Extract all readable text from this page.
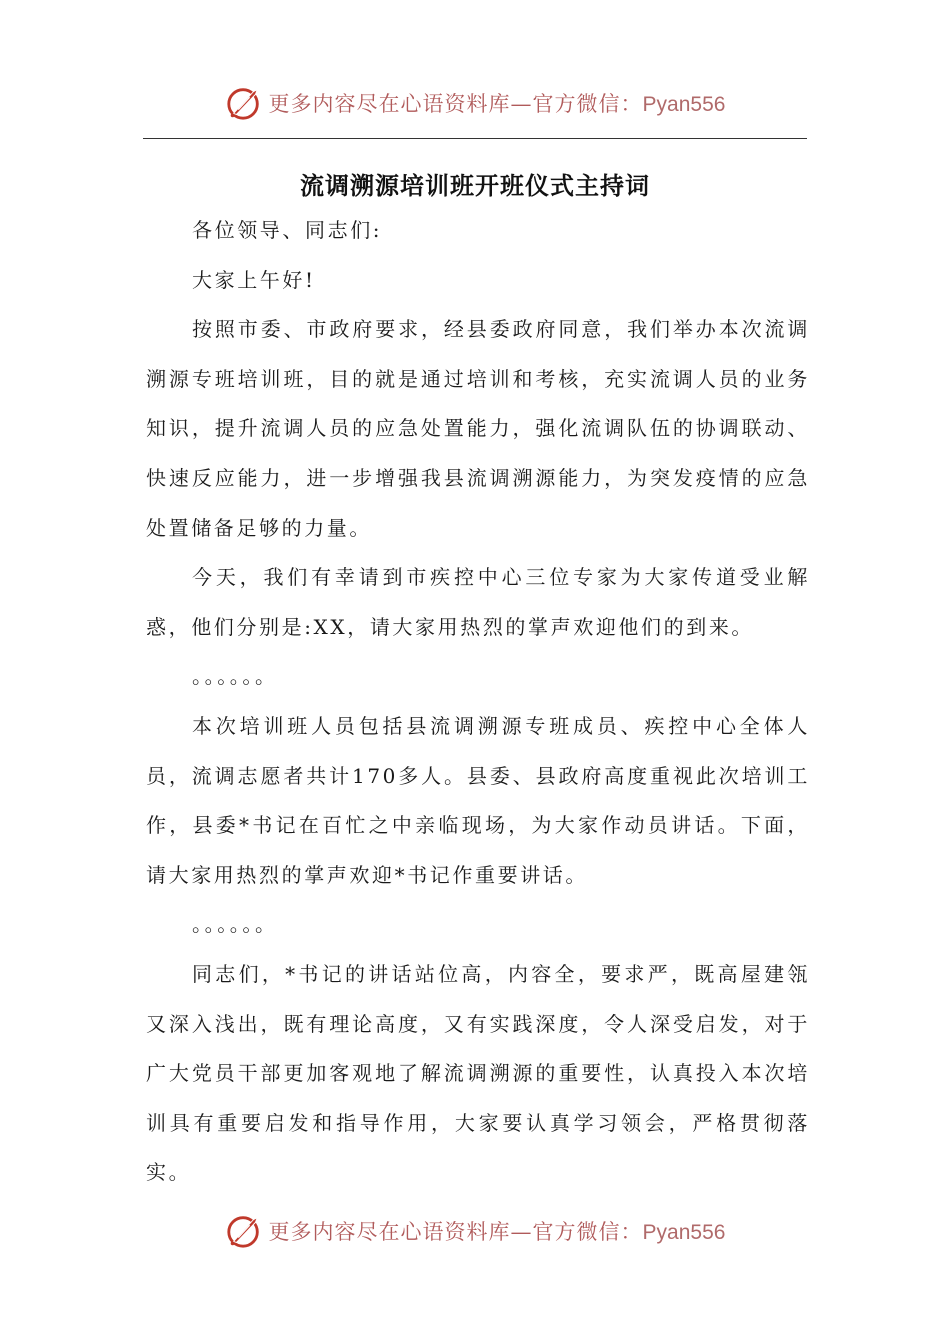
更多内容尽在心语资料库—官方微信：Pyan556
流调溯源培训班开班仪式主持词

各位领导、同志们:

大家上午好!

按照市委、市政府要求，经县委政府同意，我们举办本次流调溯源专班培训班，目的就是通过培训和考核，充实流调人员的业务知识，提升流调人员的应急处置能力，强化流调队伍的协调联动、快速反应能力，进一步增强我县流调溯源能力，为突发疫情的应急处置储备足够的力量。

今天，我们有幸请到市疾控中心三位专家为大家传道受业解惑，他们分别是:XX，请大家用热烈的掌声欢迎他们的到来。

。。。。。。

本次培训班人员包括县流调溯源专班成员、疾控中心全体人员，流调志愿者共计170多人。县委、县政府高度重视此次培训工作，县委*书记在百忙之中亲临现场，为大家作动员讲话。下面，请大家用热烈的掌声欢迎*书记作重要讲话。

。。。。。。

同志们，*书记的讲话站位高，内容全，要求严，既高屋建瓴又深入浅出，既有理论高度，又有实践深度，令人深受启发，对于广大党员干部更加客观地了解流调溯源的重要性，认真投入本次培训具有重要启发和指导作用，大家要认真学习领会，严格贯彻落实。

更多内容尽在心语资料库—官方微信：Pyan556
